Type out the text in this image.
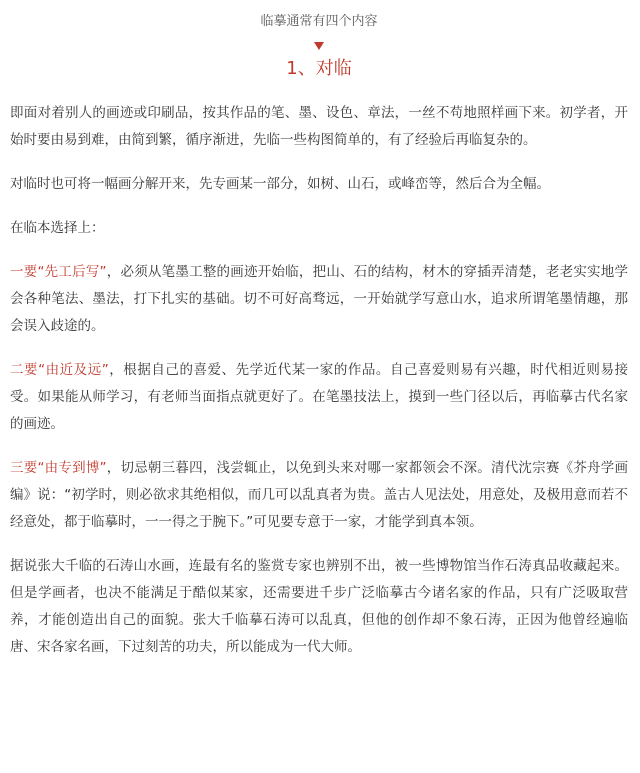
临摹通常有四个内容
1、对临

即面对着别人的画迹或印刷品，按其作品的笔、墨、设色、章法，一丝不苟地照样画下来。初学者，开始时要由易到难，由简到繁，循序渐进，先临一些构图简单的，有了经验后再临复杂的。

对临时也可将一幅画分解开来，先专画某一部分，如树、山石，或峰峦等，然后合为全幅。

在临本选择上：

一要“先工后写”，必须从笔墨工整的画迹开始临，把山、石的结构，材木的穿插弄清楚，老老实实地学会各种笔法、墨法，打下扎实的基础。切不可好高骛远，一开始就学写意山水，追求所谓笔墨情趣，那会误入歧途的。

二要“由近及远”，根据自己的喜爱、先学近代某一家的作品。自己喜爱则易有兴趣，时代相近则易接受。如果能从师学习，有老师当面指点就更好了。在笔墨技法上，摸到一些门径以后，再临摹古代名家的画迹。

三要“由专到博”，切忌朝三暮四，浅尝辄止，以免到头来对哪一家都领会不深。清代沈宗赛《芥舟学画编》说：“初学时，则必欲求其绝相似，而几可以乱真者为贵。盖古人见法处，用意处，及极用意而若不经意处，都于临摹时，一一得之于腕下。”可见要专意于一家，才能学到真本领。

据说张大千临的石涛山水画，连最有名的鉴赏专家也辨别不出，被一些博物馆当作石涛真品收藏起来。但是学画者，也决不能满足于酷似某家，还需要进千步广泛临摹古今诸名家的作品，只有广泛吸取营养，才能创造出自己的面貌。张大千临摹石涛可以乱真，但他的创作却不象石涛，正因为他曾经遍临唐、宋各家名画，下过刻苦的功夫，所以能成为一代大师。
